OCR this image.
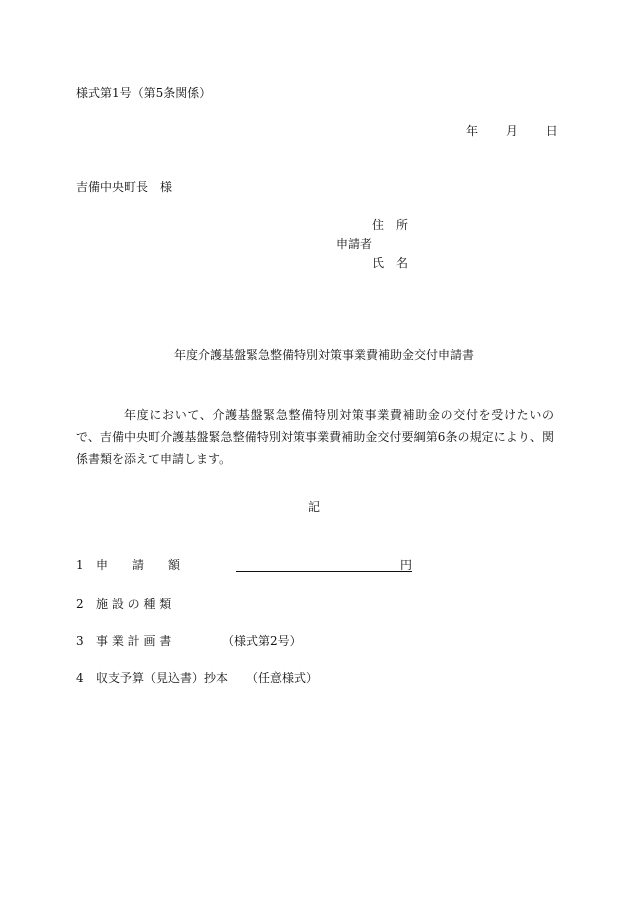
様式第1号（第5条関係）
年 月 日
吉備中央町長　様
住　所
申請者
氏　名
年度介護基盤緊急整備特別対策事業費補助金交付申請書
年度において、介護基盤緊急整備特別対策事業費補助金の交付を受けたいので、吉備中央町介護基盤緊急整備特別対策事業費補助金交付要綱第6条の規定により、関係書類を添えて申請します。
記
1 申　　請　　額	円
2 施 設 の 種 類
3 事 業 計 画 書	（様式第2号）
4 収支予算（見込書）抄本 （任意様式）
